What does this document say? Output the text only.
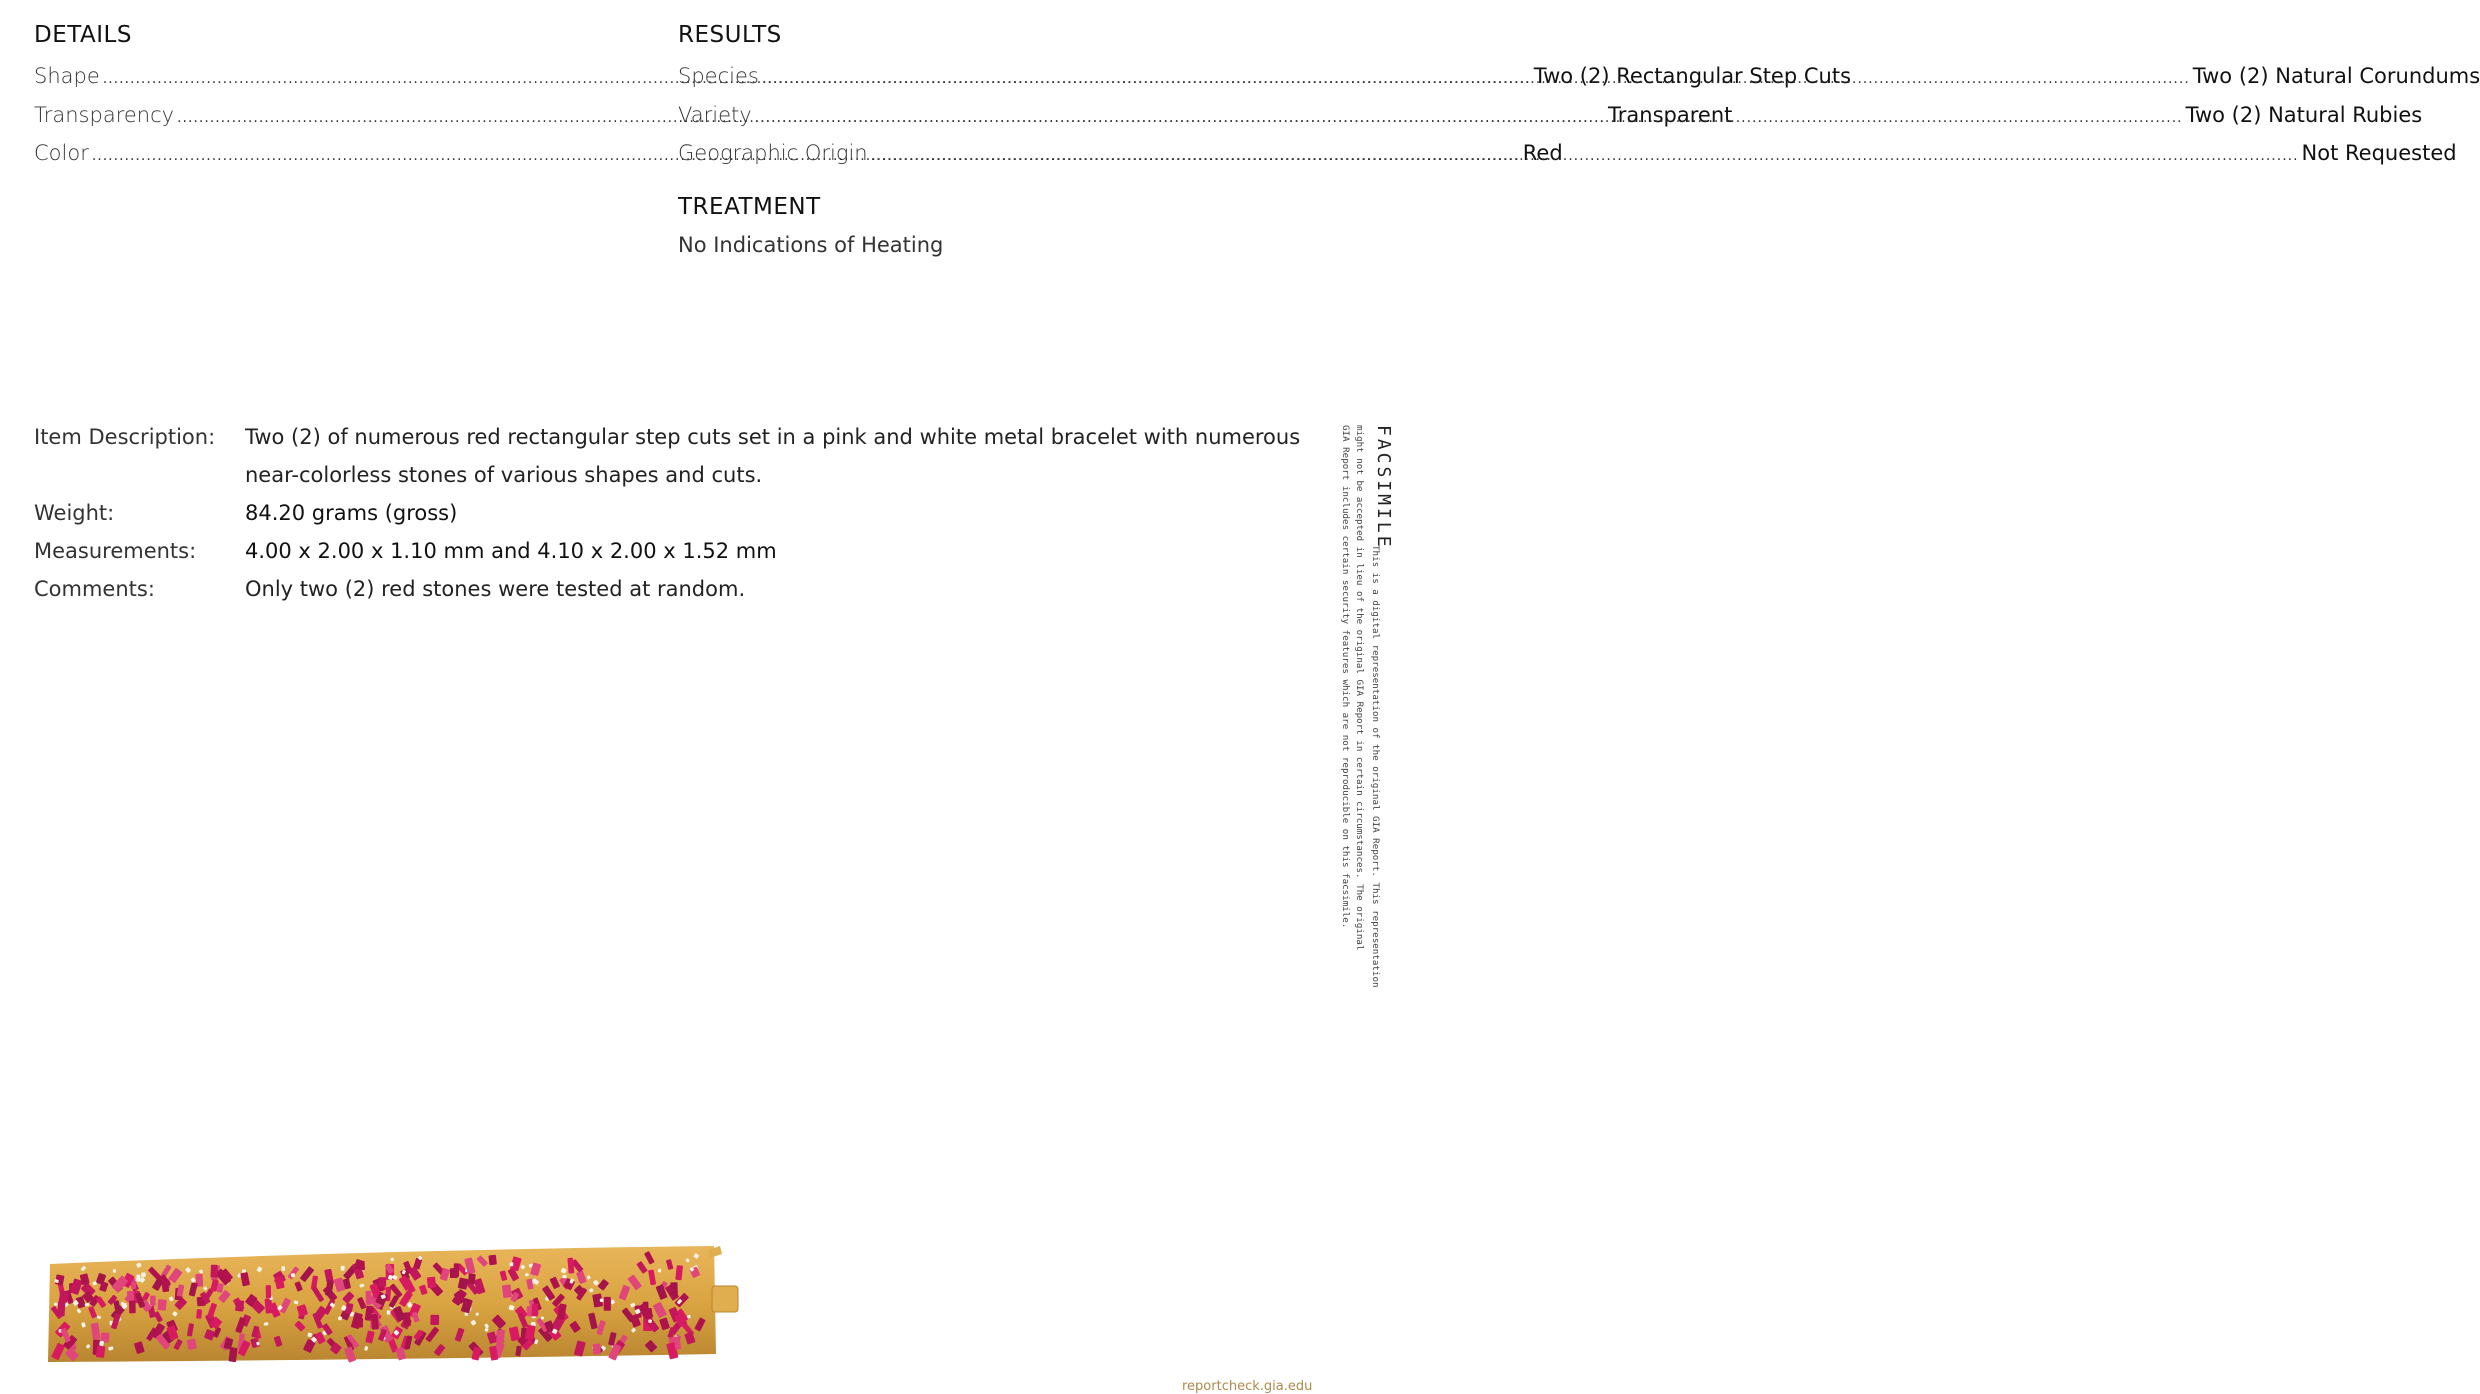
DETAILS
Shape .....	Two (2) Rectangular Step Cuts
Transparency .....	Transparent
Color .....	Red
RESULTS
Species .....	Two (2) Natural Corundums
Variety .....	Two (2) Natural Rubies
Geographic Origin .....	Not Requested
TREATMENT
No Indications of Heating
Item Description: Two (2) of numerous red rectangular step cuts set in a pink and white metal bracelet with numerous
near-colorless stones of various shapes and cuts.
Weight:	84.20 grams (gross)
Measurements: 4.00 x 2.00 x 1.10 mm and 4.10 x 2.00 x 1.52 mm
Comments:	Only two (2) red stones were tested at random.
FACSIMILE
This is a digital representation of the original GIA Report. This representation
might not be accepted in lieu of the original GIA Report in certain circumstances. The original
GIA Report includes certain security features which are not reproducible on this facsimile.
reportcheck.gia.edu
